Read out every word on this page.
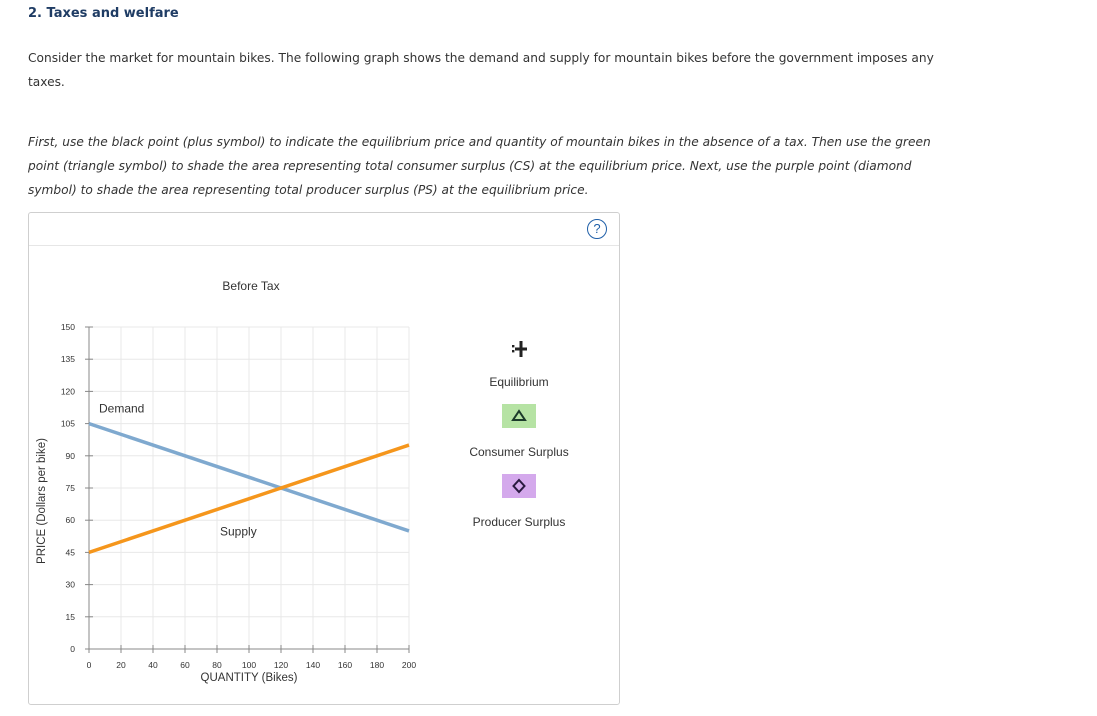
2. Taxes and welfare
Consider the market for mountain bikes. The following graph shows the demand and supply for mountain bikes before the government imposes any taxes.
First, use the black point (plus symbol) to indicate the equilibrium price and quantity of mountain bikes in the absence of a tax. Then use the green point (triangle symbol) to shade the area representing total consumer surplus (CS) at the equilibrium price. Next, use the purple point (diamond symbol) to shade the area representing total producer surplus (PS) at the equilibrium price.
?
Before Tax
0
15
30
45
60
75
90
105
120
135
150
0	20	40	60	80 100 120 140 160 180 200
Demand
Supply
QUANTITY (Bikes)
PRICE (Dollars per bike)
Equilibrium
Consumer Surplus
Producer Surplus
